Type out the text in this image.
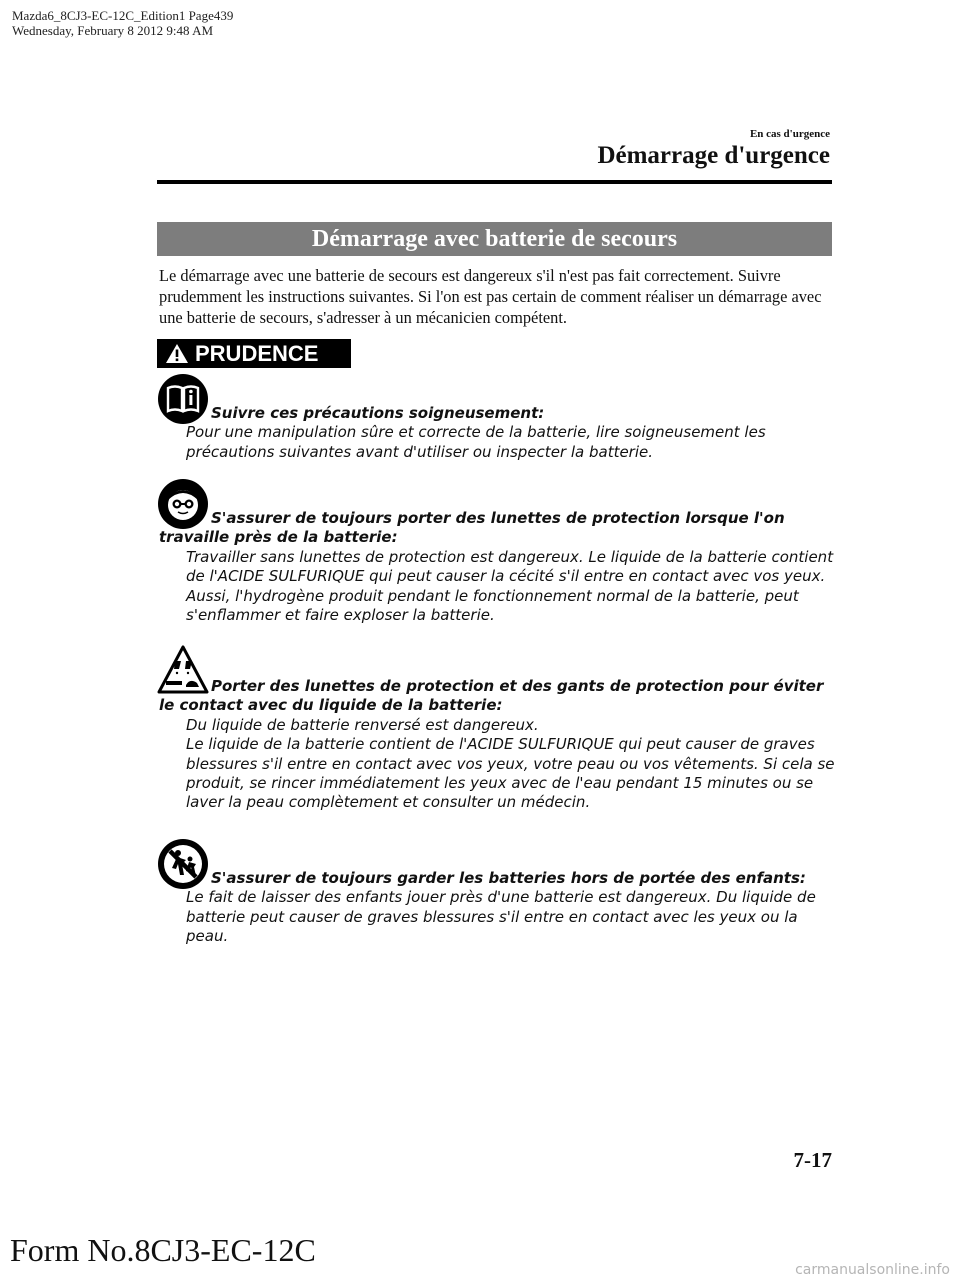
Mazda6_8CJ3-EC-12C_Edition1 Page439
Wednesday, February 8 2012 9:48 AM
En cas d'urgence
Démarrage d'urgence
Démarrage avec batterie de secours
Le démarrage avec une batterie de secours est dangereux s'il n'est pas fait correctement. Suivre prudemment les instructions suivantes. Si l'on est pas certain de comment réaliser un démarrage avec une batterie de secours, s'adresser à un mécanicien compétent.
PRUDENCE
Suivre ces précautions soigneusement:
Pour une manipulation sûre et correcte de la batterie, lire soigneusement les précautions suivantes avant d'utiliser ou inspecter la batterie.
S'assurer de toujours porter des lunettes de protection lorsque l'on travaille près de la batterie:
Travailler sans lunettes de protection est dangereux. Le liquide de la batterie contient de l'ACIDE SULFURIQUE qui peut causer la cécité s'il entre en contact avec vos yeux. Aussi, l'hydrogène produit pendant le fonctionnement normal de la batterie, peut s'enflammer et faire exploser la batterie.
Porter des lunettes de protection et des gants de protection pour éviter le contact avec du liquide de la batterie:
Du liquide de batterie renversé est dangereux.
Le liquide de la batterie contient de l'ACIDE SULFURIQUE qui peut causer de graves blessures s'il entre en contact avec vos yeux, votre peau ou vos vêtements. Si cela se produit, se rincer immédiatement les yeux avec de l'eau pendant 15 minutes ou se laver la peau complètement et consulter un médecin.
S'assurer de toujours garder les batteries hors de portée des enfants:
Le fait de laisser des enfants jouer près d'une batterie est dangereux. Du liquide de batterie peut causer de graves blessures s'il entre en contact avec les yeux ou la peau.
7-17
Form No.8CJ3-EC-12C
carmanualsonline.info
